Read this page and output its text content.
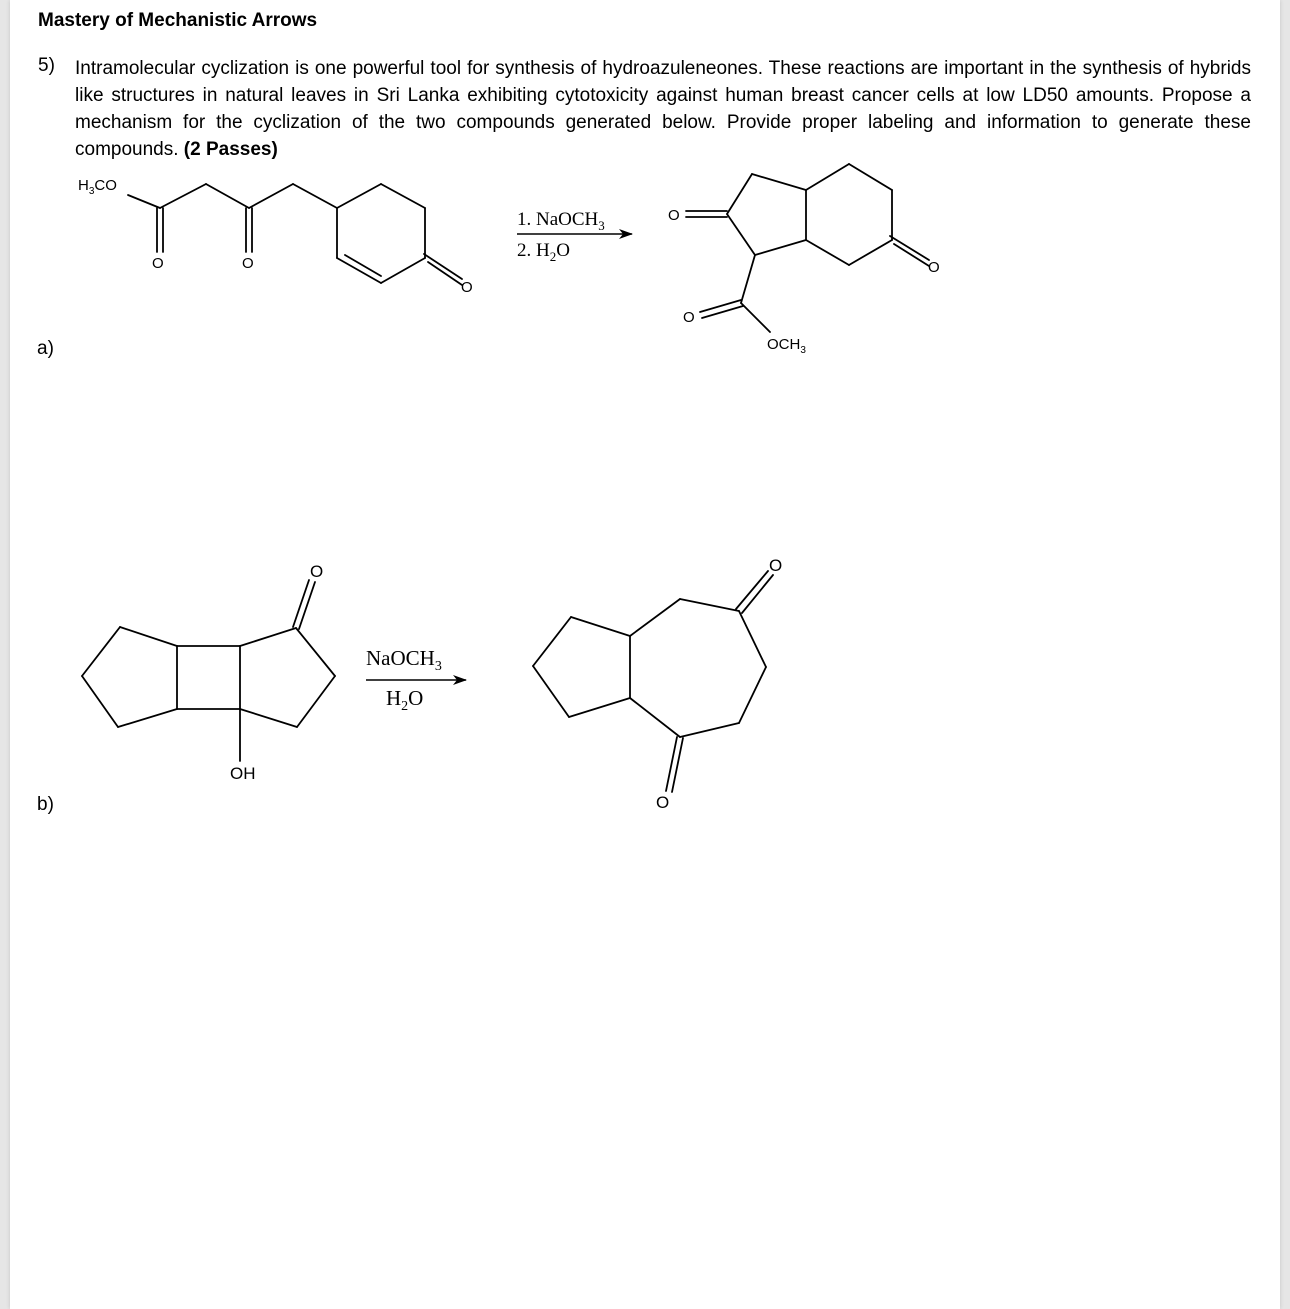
Mastery of Mechanistic Arrows
5) Intramolecular cyclization is one powerful tool for synthesis of hydroazuleneones. These reactions are important in the synthesis of hybrids like structures in natural leaves in Sri Lanka exhibiting cytotoxicity against human breast cancer cells at low LD50 amounts. Propose a mechanism for the cyclization of the two compounds generated below. Provide proper labeling and information to generate these compounds. (2 Passes)
a)
b)
$H_3CO$
O	O
O
1. NaOCH$_3$
2. $H_2O$
O
O
O
$OCH_3$
O
OH
NaOCH$_3$
$H_2O$
O
O
